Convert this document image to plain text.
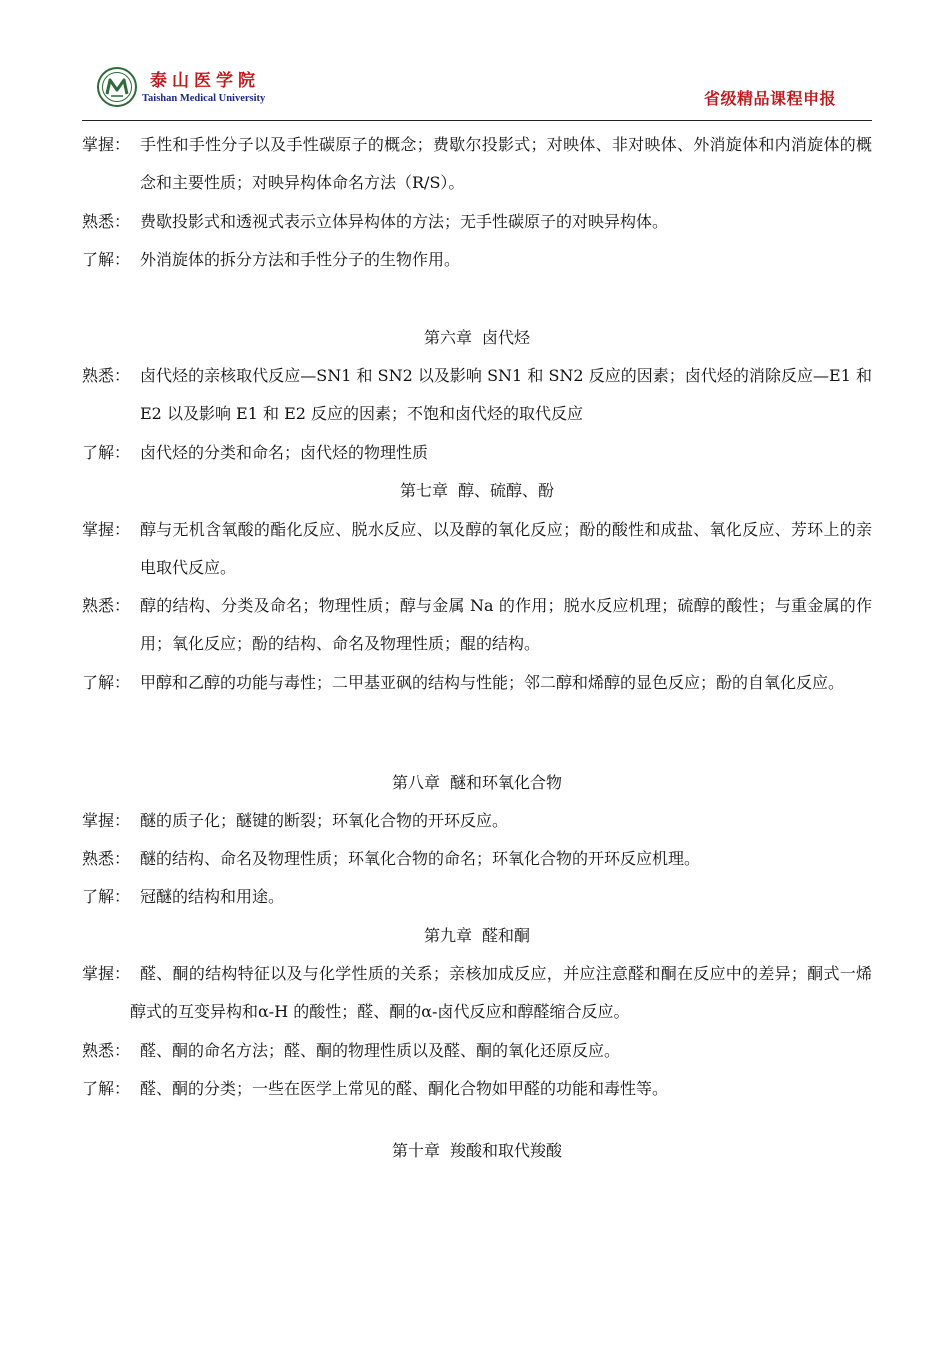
泰山医学院
Taishan Medical University	省级精品课程申报
掌握： 手性和手性分子以及手性碳原子的概念；费歇尔投影式；对映体、非对映体、外消旋体和内消旋体的概念和主要性质；对映异构体命名方法（R/S）。
熟悉： 费歇投影式和透视式表示立体异构体的方法；无手性碳原子的对映异构体。
了解： 外消旋体的拆分方法和手性分子的生物作用。
第六章 卤代烃
熟悉： 卤代烃的亲核取代反应—SN1 和 SN2 以及影响 SN1 和 SN2 反应的因素；卤代烃的消除反应—E1 和 E2 以及影响 E1 和 E2 反应的因素；不饱和卤代烃的取代反应
了解： 卤代烃的分类和命名；卤代烃的物理性质
第七章 醇、硫醇、酚
掌握： 醇与无机含氧酸的酯化反应、脱水反应、以及醇的氧化反应；酚的酸性和成盐、氧化反应、芳环上的亲电取代反应。
熟悉： 醇的结构、分类及命名；物理性质；醇与金属 Na 的作用；脱水反应机理；硫醇的酸性；与重金属的作用；氧化反应；酚的结构、命名及物理性质；醌的结构。
了解： 甲醇和乙醇的功能与毒性；二甲基亚砜的结构与性能；邻二醇和烯醇的显色反应；酚的自氧化反应。
第八章 醚和环氧化合物
掌握： 醚的质子化；醚键的断裂；环氧化合物的开环反应。
熟悉： 醚的结构、命名及物理性质；环氧化合物的命名；环氧化合物的开环反应机理。
了解： 冠醚的结构和用途。
第九章 醛和酮
掌握： 醛、酮的结构特征以及与化学性质的关系；亲核加成反应，并应注意醛和酮在反应中的差异；酮式一烯醇式的互变异构和α-H 的酸性；醛、酮的α-卤代反应和醇醛缩合反应。
熟悉： 醛、酮的命名方法；醛、酮的物理性质以及醛、酮的氧化还原反应。
了解： 醛、酮的分类；一些在医学上常见的醛、酮化合物如甲醛的功能和毒性等。
第十章 羧酸和取代羧酸
